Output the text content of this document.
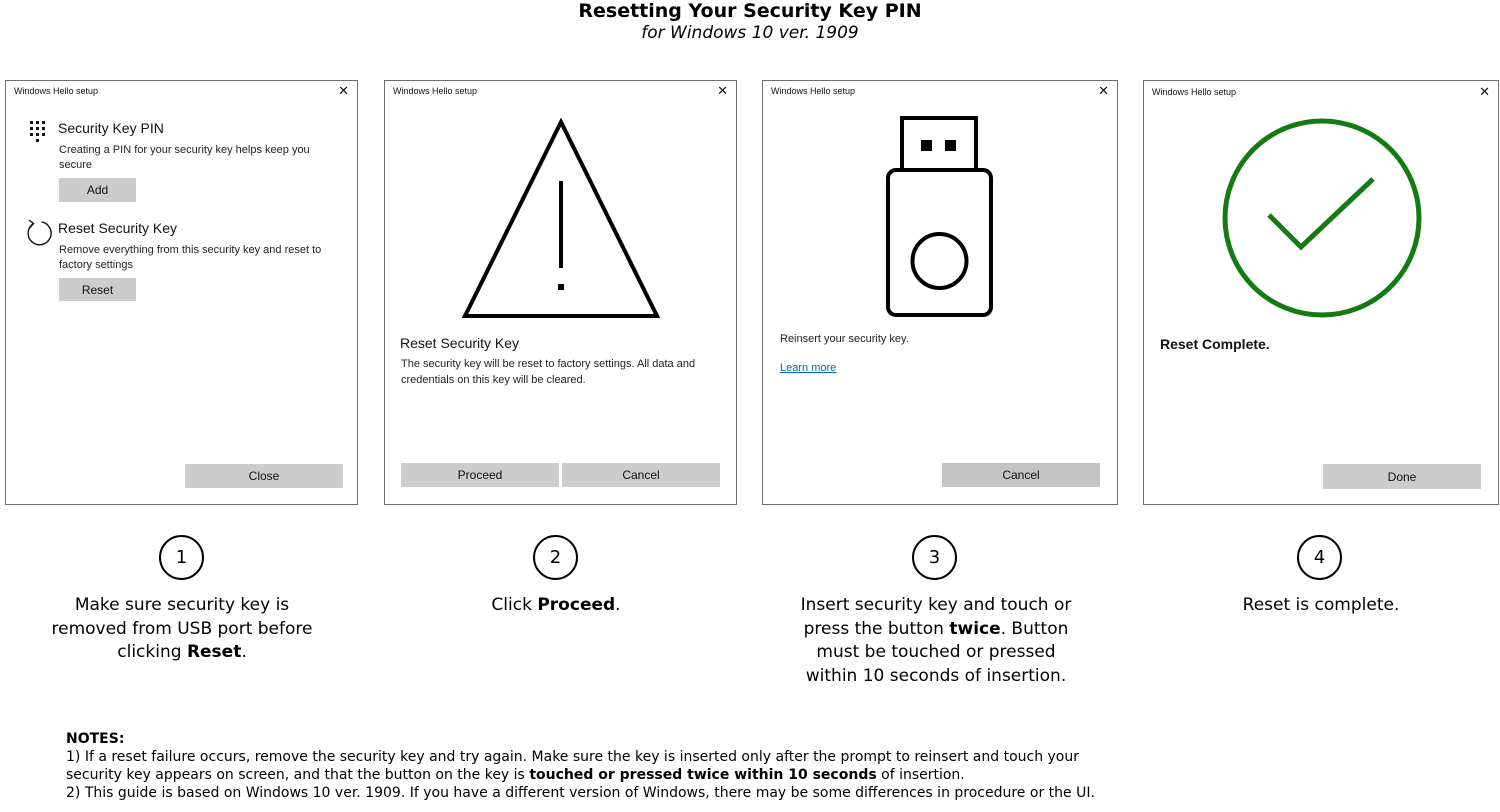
Resetting Your Security Key PIN
for Windows 10 ver. 1909
Windows Hello setup	✕
Security Key PIN
Creating a PIN for your security key helps keep you
secure
Add
Reset Security Key
Remove everything from this security key and reset to
factory settings
Reset
Close
Windows Hello setup	✕
Reset Security Key
The security key will be reset to factory settings. All data and
credentials on this key will be cleared.
Proceed	Cancel
Windows Hello setup	✕
Reinsert your security key.
Learn more
Cancel
Windows Hello setup	✕
Reset Complete.
Done
1	2	3	4
Make sure security key is
removed from USB port before
clicking Reset.
Click Proceed.	Insert security key and touch or
press the button twice. Button
must be touched or pressed
within 10 seconds of insertion.
Reset is complete.
NOTES:
1) If a reset failure occurs, remove the security key and try again. Make sure the key is inserted only after the prompt to reinsert and touch your
security key appears on screen, and that the button on the key is touched or pressed twice within 10 seconds of insertion.
2) This guide is based on Windows 10 ver. 1909. If you have a different version of Windows, there may be some differences in procedure or the UI.
